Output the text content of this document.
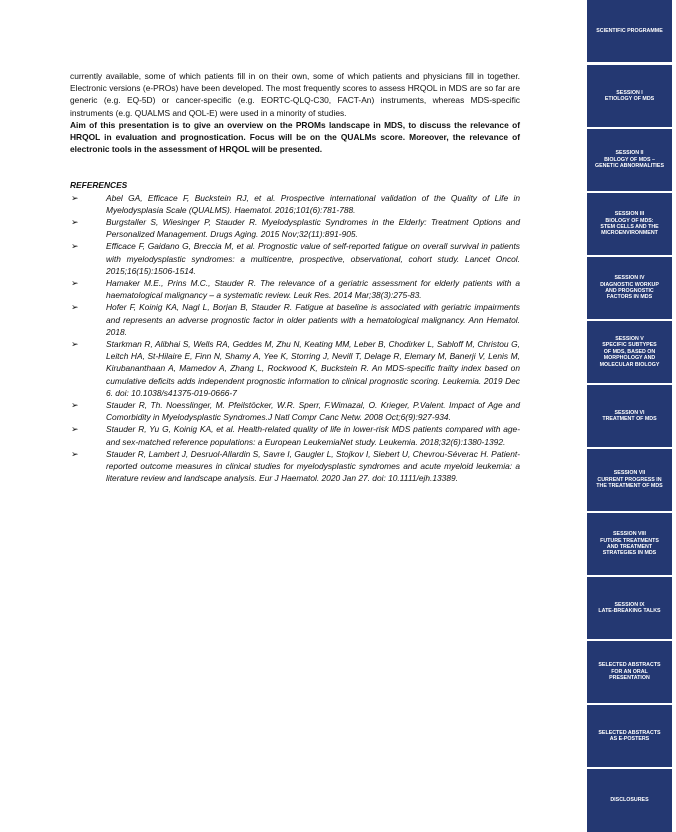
currently available, some of which patients fill in on their own, some of which patients and physicians fill in together. Electronic versions (e-PROs) have been developed. The most frequently scores to assess HRQOL in MDS are so far are generic (e.g. EQ-5D) or cancer-specific (e.g. EORTC-QLQ-C30, FACT-An) instruments, whereas MDS-specific instruments (e.g. QUALMS and QOL-E) were used in a minority of studies.

Aim of this presentation is to give an overview on the PROMs landscape in MDS, to discuss the relevance of HRQOL in evaluation and prognostication. Focus will be on the QUALMs score. Moreover, the relevance of electronic tools in the assessment of HRQOL will be presented.

REFERENCES

➢	Abel GA, Efficace F, Buckstein RJ, et al. Prospective international validation of the Quality of Life in Myelodysplasia Scale (QUALMS). Haematol. 2016;101(6):781-788.
➢	Burgstaller S, Wiesinger P, Stauder R. Myelodysplastic Syndromes in the Elderly: Treatment Options and Personalized Management. Drugs Aging. 2015 Nov;32(11):891-905.
➢	Efficace F, Gaidano G, Breccia M, et al. Prognostic value of self-reported fatigue on overall survival in patients with myelodysplastic syndromes: a multicentre, prospective, observational, cohort study. Lancet Oncol. 2015;16(15):1506-1514.
➢	Hamaker M.E., Prins M.C., Stauder R. The relevance of a geriatric assessment for elderly patients with a haematological malignancy – a systematic review. Leuk Res. 2014 Mar;38(3):275-83.
➢	Hofer F, Koinig KA, Nagl L, Borjan B, Stauder R. Fatigue at baseline is associated with geriatric impairments and represents an adverse prognostic factor in older patients with a hematological malignancy. Ann Hematol. 2018.
➢	Starkman R, Alibhai S, Wells RA, Geddes M, Zhu N, Keating MM, Leber B, Chodirker L, Sabloff M, Christou G, Leitch HA, St-Hilaire E, Finn N, Shamy A, Yee K, Storring J, Nevill T, Delage R, Elemary M, Banerji V, Lenis M, Kirubananthaan A, Mamedov A, Zhang L, Rockwood K, Buckstein R. An MDS-specific frailty index based on cumulative deficits adds independent prognostic information to clinical prognostic scoring. Leukemia. 2019 Dec 6. doi: 10.1038/s41375-019-0666-7
➢	Stauder R, Th. Noesslinger, M. Pfeilstöcker, W.R. Sperr, F.Wimazal, O. Krieger, P.Valent. Impact of Age and Comorbidity in Myelodysplastic Syndromes.J Natl Compr Canc Netw. 2008 Oct;6(9):927-934.
➢	Stauder R, Yu G, Koinig KA, et al. Health-related quality of life in lower-risk MDS patients compared with age- and sex-matched reference populations: a European LeukemiaNet study. Leukemia. 2018;32(6):1380-1392.
➢	Stauder R, Lambert J, Desruol-Allardin S, Savre I, Gaugler L, Stojkov I, Siebert U, Chevrou-Séverac H. Patient-reported outcome measures in clinical studies for myelodysplastic syndromes and acute myeloid leukemia: a literature review and landscape analysis. Eur J Haematol. 2020 Jan 27. doi: 10.1111/ejh.13389.
SCIENTIFIC PROGRAMME
SESSION I
ETIOLOGY OF MDS
SESSION II
BIOLOGY OF MDS –
GENETIC ABNORMALITIES
SESSION III
BIOLOGY OF MDS:
STEM CELLS AND THE
MICROENVIRONMENT
SESSION IV
DIAGNOSTIC WORKUP
AND PROGNOSTIC
FACTORS IN MDS
SESSION V
SPECIFIC SUBTYPES
OF MDS, BASED ON
MORPHOLOGY AND
MOLECULAR BIOLOGY
SESSION VI
TREATMENT OF MDS
SESSION VII
CURRENT PROGRESS IN
THE TREATMENT OF MDS
SESSION VIII
FUTURE TREATMENTS
AND TREATMENT
STRATEGIES IN MDS
SESSION IX
LATE-BREAKING TALKS
SELECTED ABSTRACTS
FOR AN ORAL
PRESENTATION
SELECTED ABSTRACTS
AS E-POSTERS
DISCLOSURES
